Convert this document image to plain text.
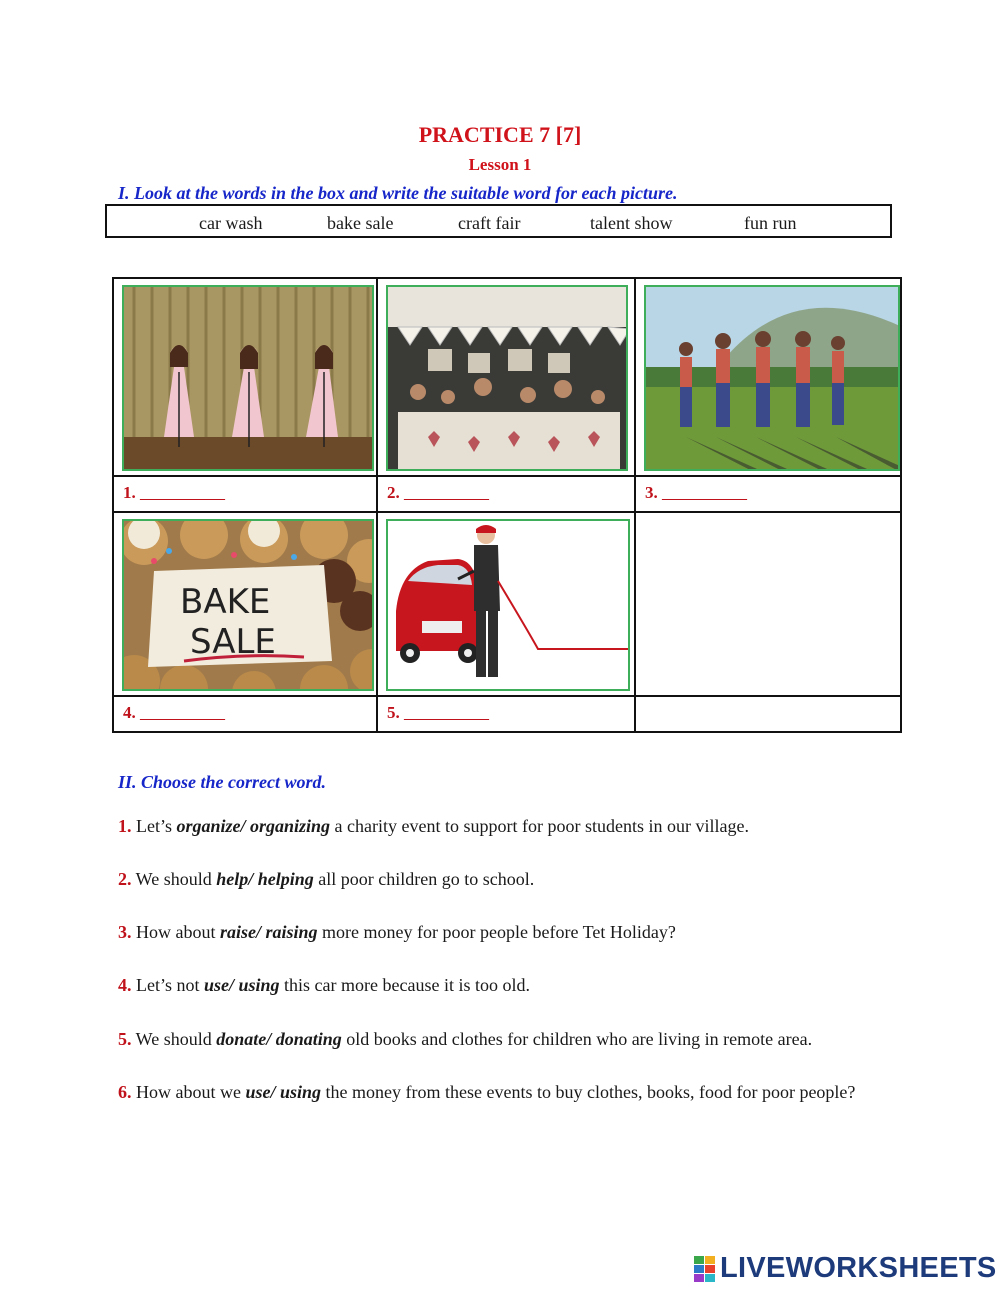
PRACTICE 7 [7]
Lesson 1
I. Look at the words in the box and write the suitable word for each picture.
car wash	bake sale	craft fair	talent show	fun run

1. __________	2. __________	3. __________

BAKE
SALE

4. __________	5. __________	

II. Choose the correct word.
1. Let’s organize/ organizing a charity event to support for poor students in our village.
2. We should help/ helping all poor children go to school.
3. How about raise/ raising more money for poor people before Tet Holiday?
4. Let’s not use/ using this car more because it is too old.
5. We should donate/ donating old books and clothes for children who are living in remote area.
6. How about we use/ using the money from these events to buy clothes, books, food for poor people?
LIVEWORKSHEETS
